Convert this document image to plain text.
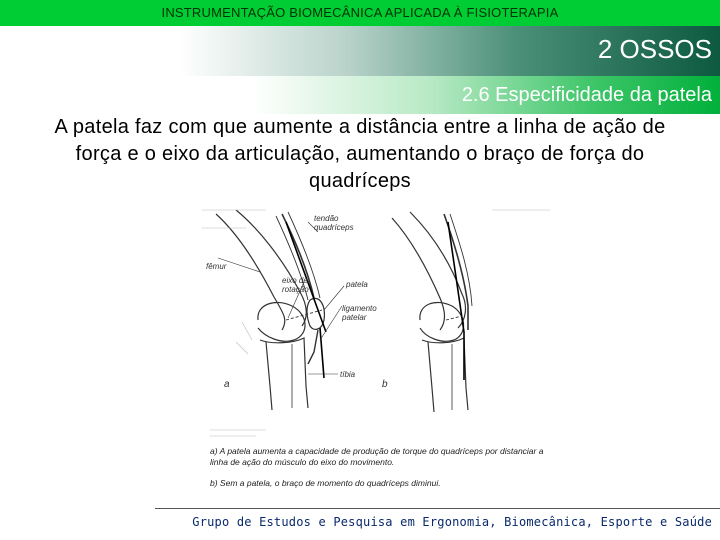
INSTRUMENTAÇÃO BIOMECÂNICA APLICADA À FISIOTERAPIA
2 OSSOS
2.6 Especificidade da patela
A patela faz com que aumente a distância entre a linha de ação de força e o eixo da articulação, aumentando o braço de força do quadríceps
tendão
quadríceps
fêmur
eixo de
rotação
patela
ligamento
patelar
tíbia
a	b
a) A patela aumenta a capacidade de produção de torque do quadríceps por distanciar a linha de ação do músculo do eixo do movimento.
b) Sem a patela, o braço de momento do quadríceps diminui.
Grupo de Estudos e Pesquisa em Ergonomia, Biomecânica, Esporte e Saúde
